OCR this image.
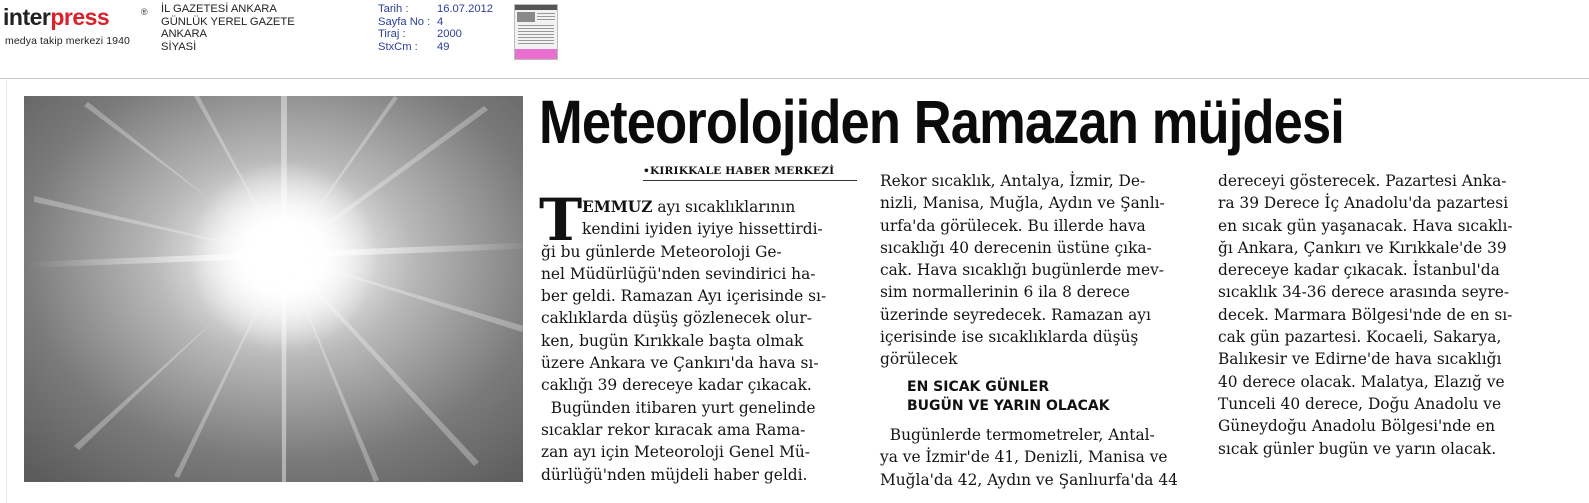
interpress	®
medya takip merkezi 1940
İL GAZETESİ ANKARA
GÜNLÜK YEREL GAZETE
ANKARA
SİYASİ
Tarih :	16.07.2012
Sayfa No : 4
Tiraj :	2000
StxCm :	49
Meteorolojiden Ramazan müjdesi
•KIRIKKALE HABER MERKEZİ
T EMMUZ ayı sıcaklıklarının
kendini iyiden iyiye hissettirdi-
ği bu günlerde Meteoroloji Ge-
nel Müdürlüğü'nden sevindirici ha-
ber geldi. Ramazan Ayı içerisinde sı-
caklıklarda düşüş gözlenecek olur-
ken, bugün Kırıkkale başta olmak
üzere Ankara ve Çankırı'da hava sı-
caklığı 39 dereceye kadar çıkacak.
Bugünden itibaren yurt genelinde
sıcaklar rekor kıracak ama Rama-
zan ayı için Meteoroloji Genel Mü-
dürlüğü'nden müjdeli haber geldi.
Rekor sıcaklık, Antalya, İzmir, De-
nizli, Manisa, Muğla, Aydın ve Şanlı-
urfa'da görülecek. Bu illerde hava
sıcaklığı 40 derecenin üstüne çıka-
cak. Hava sıcaklığı bugünlerde mev-
sim normallerinin 6 ila 8 derece
üzerinde seyredecek. Ramazan ayı
içerisinde ise sıcaklıklarda düşüş
görülecek
EN SICAK GÜNLER
BUGÜN VE YARIN OLACAK
Bugünlerde termometreler, Antal-
ya ve İzmir'de 41, Denizli, Manisa ve
Muğla'da 42, Aydın ve Şanlıurfa'da 44
dereceyi gösterecek. Pazartesi Anka-
ra 39 Derece İç Anadolu'da pazartesi
en sıcak gün yaşanacak. Hava sıcaklı-
ğı Ankara, Çankırı ve Kırıkkale'de 39
dereceye kadar çıkacak. İstanbul'da
sıcaklık 34-36 derece arasında seyre-
decek. Marmara Bölgesi'nde de en sı-
cak gün pazartesi. Kocaeli, Sakarya,
Balıkesir ve Edirne'de hava sıcaklığı
40 derece olacak. Malatya, Elazığ ve
Tunceli 40 derece, Doğu Anadolu ve
Güneydoğu Anadolu Bölgesi'nde en
sıcak günler bugün ve yarın olacak.
